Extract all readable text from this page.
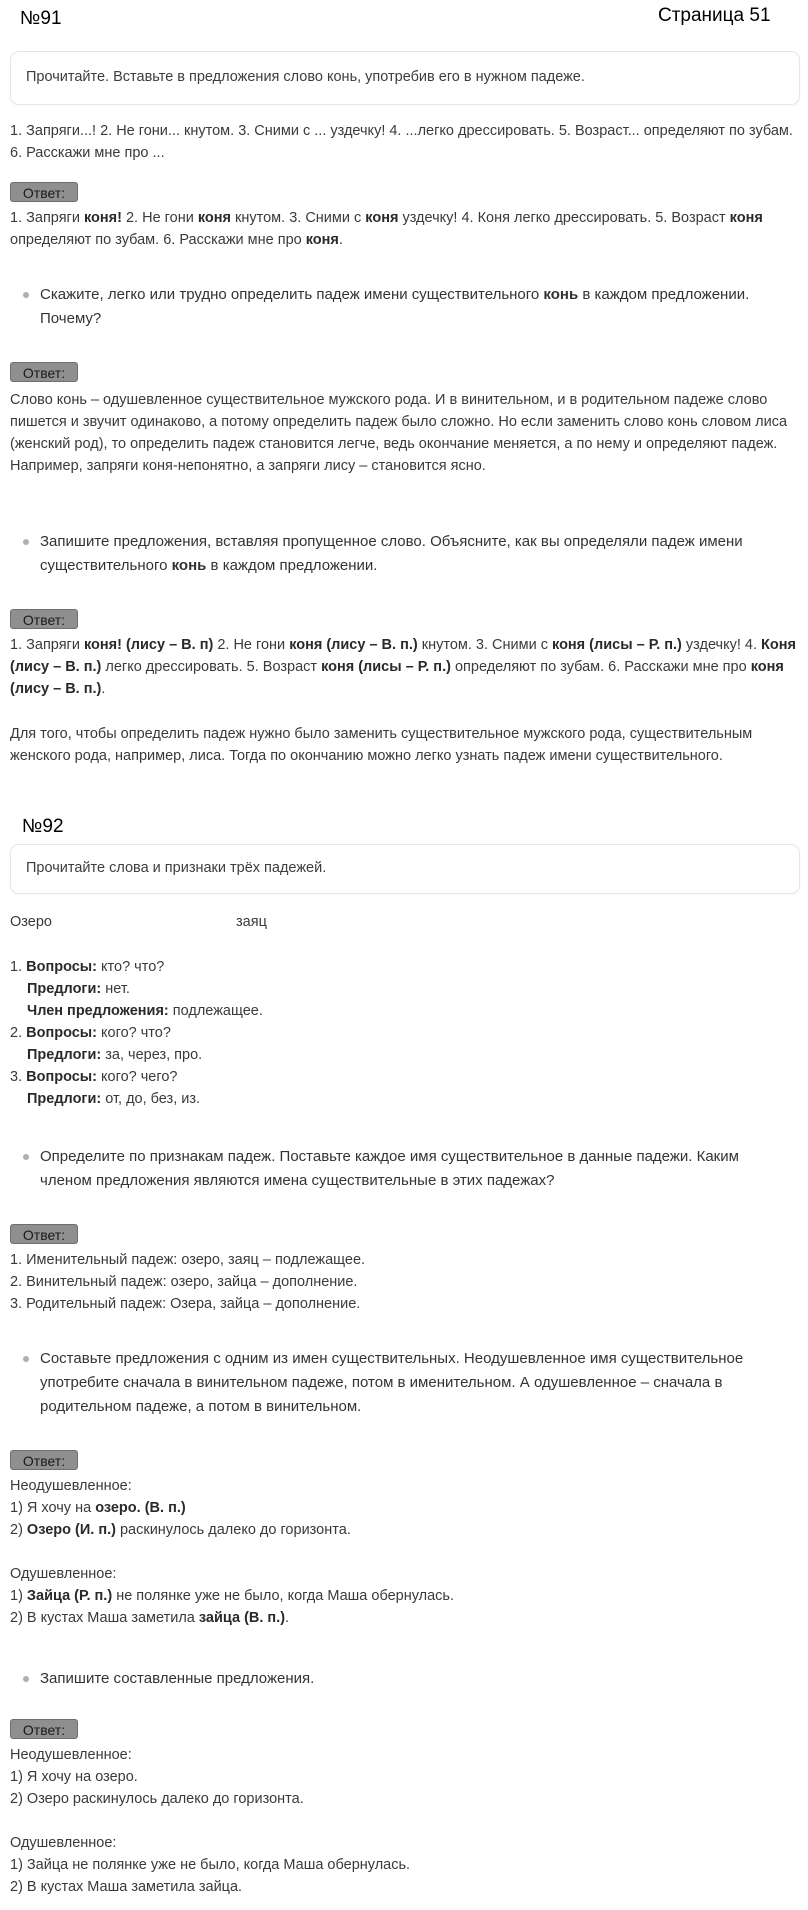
№91	Страница 51
Прочитайте. Вставьте в предложения слово конь, употребив его в нужном падеже.
1. Запряги...! 2. Не гони... кнутом. 3. Сними с ... уздечку! 4. ...легко дрессировать. 5. Возраст... определяют по зубам. 6. Расскажи мне про ...
Ответ:
1. Запряги коня! 2. Не гони коня кнутом. 3. Сними с коня уздечку! 4. Коня легко дрессировать. 5. Возраст коня определяют по зубам. 6. Расскажи мне про коня.
Скажите, легко или трудно определить падеж имени существительного конь в каждом предложении. Почему?
Ответ:
Слово конь – одушевленное существительное мужского рода. И в винительном, и в родительном падеже слово пишется и звучит одинаково, а потому определить падеж было сложно. Но если заменить слово конь словом лиса (женский род), то определить падеж становится легче, ведь окончание меняется, а по нему и определяют падеж.
Например, запряги коня-непонятно, а запряги лису – становится ясно.
Запишите предложения, вставляя пропущенное слово. Объясните, как вы определяли падеж имени существительного конь в каждом предложении.
Ответ:
1. Запряги коня! (лису – В. п) 2. Не гони коня (лису – В. п.) кнутом. 3. Сними с коня (лисы – Р. п.) уздечку! 4. Коня (лису – В. п.) легко дрессировать. 5. Возраст коня (лисы – Р. п.) определяют по зубам. 6. Расскажи мне про коня (лису – В. п.).
Для того, чтобы определить падеж нужно было заменить существительное мужского рода, существительным женского рода, например, лиса. Тогда по окончанию можно легко узнать падеж имени существительного.
№92
Прочитайте слова и признаки трёх падежей.
Озеро	заяц
1. Вопросы: кто? что?
Предлоги: нет.
Член предложения: подлежащее.
2. Вопросы: кого? что?
Предлоги: за, через, про.
3. Вопросы: кого? чего?
Предлоги: от, до, без, из.
Определите по признакам падеж. Поставьте каждое имя существительное в данные падежи. Каким членом предложения являются имена существительные в этих падежах?
Ответ:
1. Именительный падеж: озеро, заяц – подлежащее.
2. Винительный падеж: озеро, зайца – дополнение.
3. Родительный падеж: Озера, зайца – дополнение.
Составьте предложения с одним из имен существительных. Неодушевленное имя существительное употребите сначала в винительном падеже, потом в именительном. А одушевленное – сначала в родительном падеже, а потом в винительном.
Ответ:
Неодушевленное:
1) Я хочу на озеро. (В. п.)
2) Озеро (И. п.) раскинулось далеко до горизонта.
Одушевленное:
1) Зайца (Р. п.) не полянке уже не было, когда Маша обернулась.
2) В кустах Маша заметила зайца (В. п.).
Запишите составленные предложения.
Ответ:
Неодушевленное:
1) Я хочу на озеро.
2) Озеро раскинулось далеко до горизонта.
Одушевленное:
1) Зайца не полянке уже не было, когда Маша обернулась.
2) В кустах Маша заметила зайца.
